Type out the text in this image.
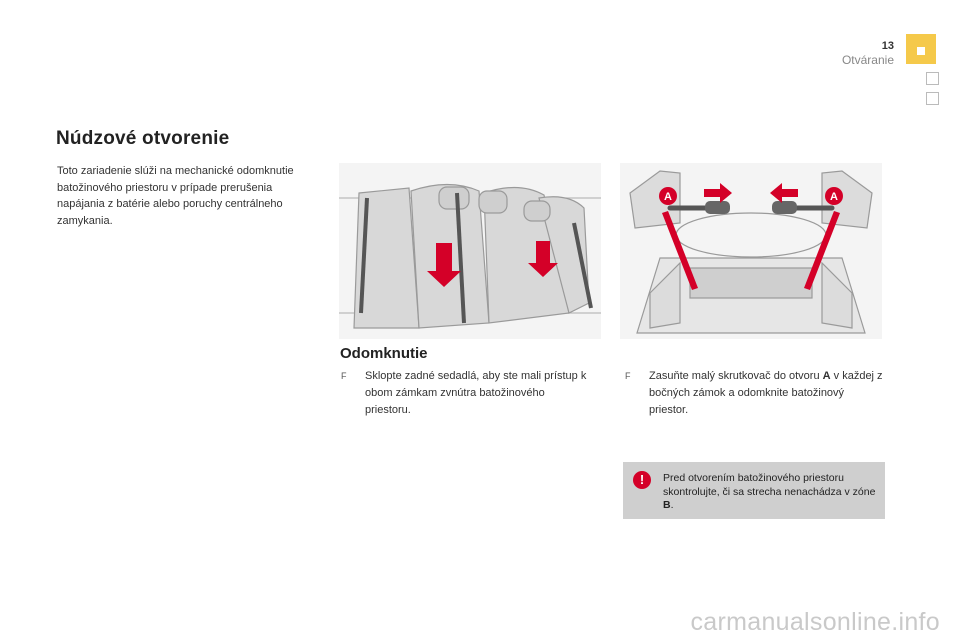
13
Otváranie
Núdzové otvorenie
Toto zariadenie slúži na mechanické odomknutie batožinového priestoru v prípade prerušenia napájania z batérie alebo poruchy centrálneho zamykania.
A	A
Odomknutie
F Sklopte zadné sedadlá, aby ste mali prístup k obom zámkam zvnútra batožinového priestoru.
F Zasuňte malý skrutkovač do otvoru A v každej z bočných zámok a odomknite batožinový priestor.
!	Pred otvorením batožinového priestoru skontrolujte, či sa strecha nenachádza v zóne B.
carmanualsonline.info
